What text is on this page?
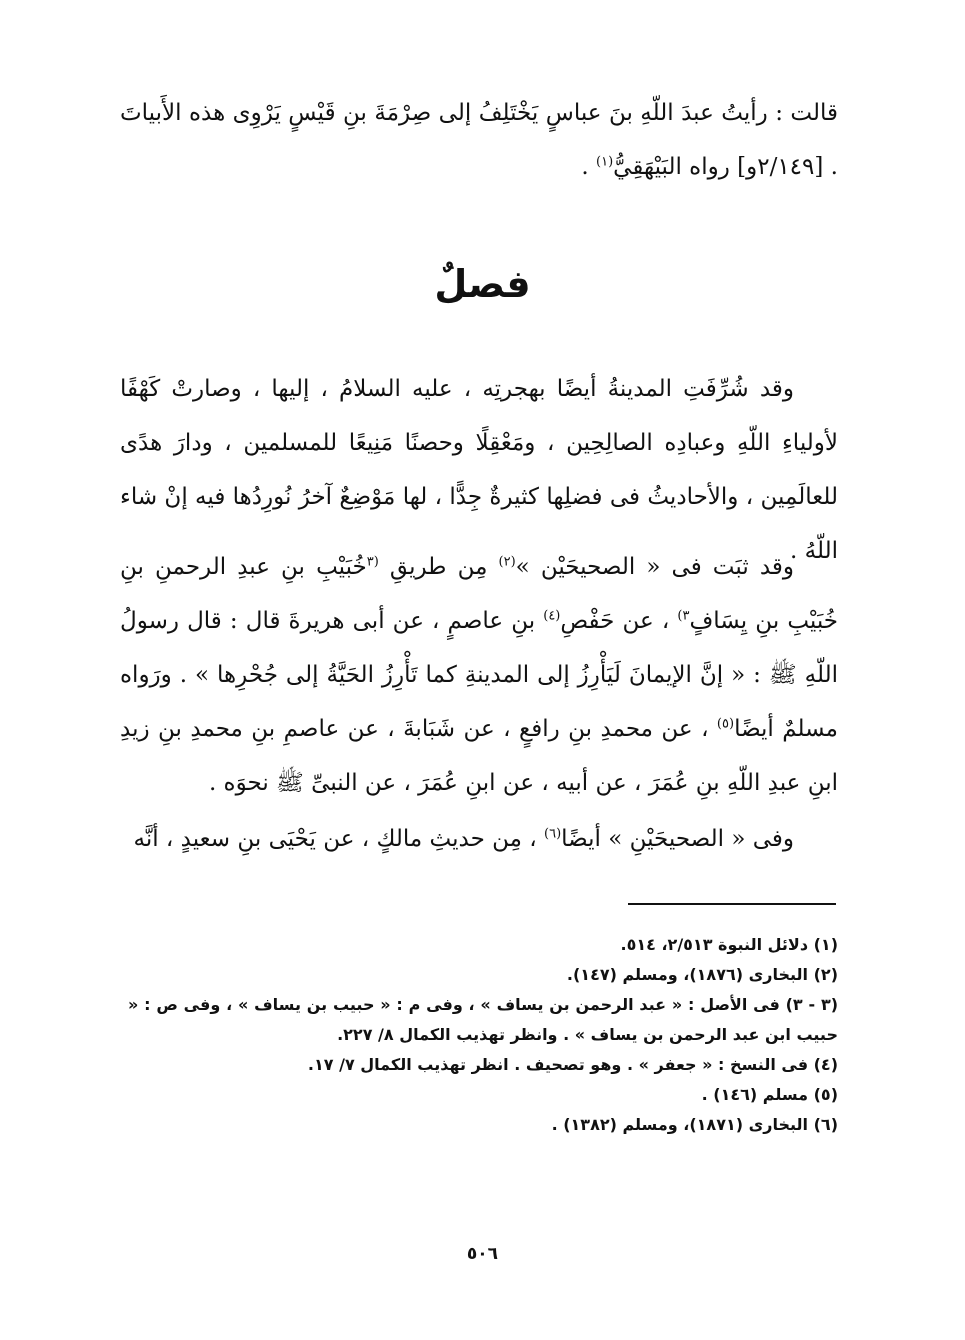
قالت : رأيتُ عبدَ اللّهِ بنَ عباسٍ يَخْتَلِفُ إلى صِرْمَةَ بنِ قَيْسٍ يَرْوِى هذه الأَبياتَ . [٢/١٤٩و] رواه البَيْهَقِيُّ$^{(١)}$ .
فصلٌ
وقد شُرِّفَتِ المدينةُ أيضًا بهجرتِه ، عليه السلامُ ، إليها ، وصارتْ كَهْفًا لأولياءِ اللّهِ وعبادِه الصالِحِين ، ومَعْقِلًا وحصنًا مَنِيعًا للمسلمين ، ودارَ هدًى للعالَمِين ، والأحاديثُ فى فضلِها كثيرةٌ جِدًّا ، لها مَوْضِعٌ آخرُ نُورِدُها فيه إنْ شاء اللّهُ .
وقد ثبَت فى « الصحيحَيْن »$^{(٢)}$ مِن طريقِ $^{(٣}$خُبَيْبِ بنِ عبدِ الرحمنِ بنِ خُبَيْبِ بنِ يِسَافٍ$^{٣)}$ ، عن حَفْصِ$^{(٤)}$ بنِ عاصمٍ ، عن أبى هريرةَ قال : قال رسولُ اللّهِ ﷺ : « إنَّ الإيمانَ لَيَأْرِزُ إلى المدينةِ كما تَأْرِزُ الحَيَّةُ إلى جُحْرِها » . ورَواه مسلمٌ أيضًا$^{(٥)}$ ، عن محمدِ بنِ رافعٍ ، عن شَبَابةَ ، عن عاصمِ بنِ محمدِ بنِ زيدِ ابنِ عبدِ اللّهِ بنِ عُمَرَ ، عن أبيه ، عن ابنِ عُمَرَ ، عن النبىِّ ﷺ نحوَه .
وفى « الصحيحَيْنِ » أيضًا$^{(٦)}$ ، مِن حديثِ مالكٍ ، عن يَحْيَى بنِ سعيدٍ ، أنَّه
(١) دلائل النبوة ٢/٥١٣، ٥١٤.
(٢) البخارى (١٨٧٦)، ومسلم (١٤٧).
(٣ - ٣) فى الأصل : « عبد الرحمن بن يساف » ، وفى م : « حبيب بن يساف » ، وفى ص : « حبيب ابن عبد الرحمن بن يساف » . وانظر تهذيب الكمال ٨/ ٢٢٧.
(٤) فى النسخ : « جعفر » . وهو تصحيف . انظر تهذيب الكمال ٧/ ١٧.
(٥) مسلم (١٤٦) .
(٦) البخارى (١٨٧١)، ومسلم (١٣٨٢) .
٥٠٦
